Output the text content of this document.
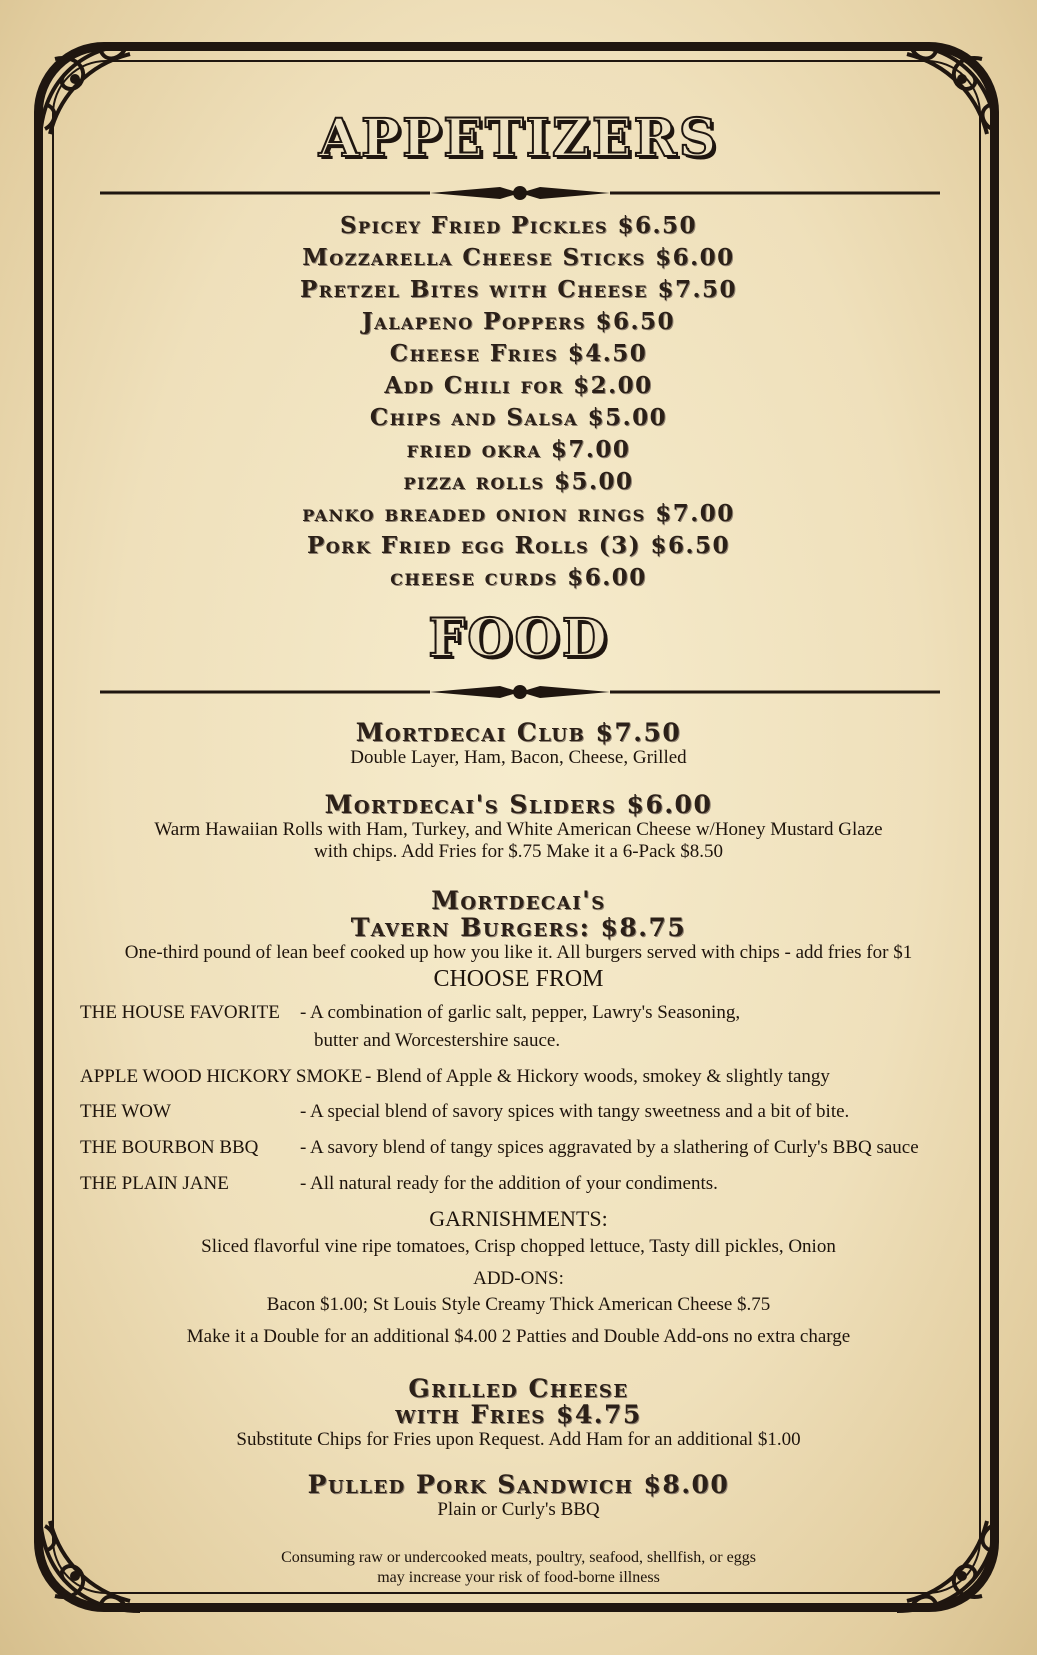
APPETIZERS
Spicey Fried Pickles $6.50
Mozzarella Cheese Sticks $6.00
Pretzel Bites with Cheese $7.50
Jalapeno Poppers $6.50
Cheese Fries $4.50
Add Chili for $2.00
Chips and Salsa $5.00
fried okra $7.00
pizza rolls $5.00
panko breaded onion rings $7.00
Pork Fried egg Rolls (3) $6.50
cheese curds $6.00
FOOD
Mortdecai Club $7.50
Double Layer, Ham, Bacon, Cheese, Grilled
Mortdecai's Sliders $6.00
Warm Hawaiian Rolls with Ham, Turkey, and White American Cheese w/Honey Mustard Glaze
with chips. Add Fries for $.75 Make it a 6-Pack $8.50
Mortdecai's
Tavern Burgers: $8.75
One-third pound of lean beef cooked up how you like it. All burgers served with chips - add fries for $1
CHOOSE FROM
THE HOUSE FAVORITE - A combination of garlic salt, pepper, Lawry's Seasoning,
butter and Worcestershire sauce.
APPLE WOOD HICKORY SMOKE - Blend of Apple & Hickory woods, smokey & slightly tangy
THE WOW	- A special blend of savory spices with tangy sweetness and a bit of bite.
THE BOURBON BBQ - A savory blend of tangy spices aggravated by a slathering of Curly's BBQ sauce
THE PLAIN JANE	- All natural ready for the addition of your condiments.
GARNISHMENTS:
Sliced flavorful vine ripe tomatoes, Crisp chopped lettuce, Tasty dill pickles, Onion
ADD-ONS:
Bacon $1.00; St Louis Style Creamy Thick American Cheese $.75
Make it a Double for an additional $4.00 2 Patties and Double Add-ons no extra charge
Grilled Cheese
with Fries $4.75
Substitute Chips for Fries upon Request. Add Ham for an additional $1.00
Pulled Pork Sandwich $8.00
Plain or Curly's BBQ
Consuming raw or undercooked meats, poultry, seafood, shellfish, or eggs
may increase your risk of food-borne illness
